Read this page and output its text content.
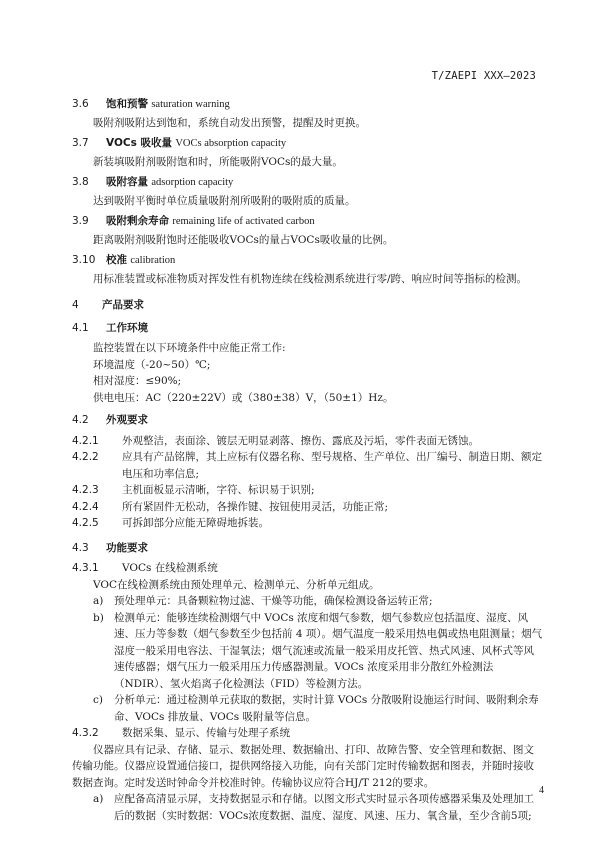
T/ZAEPI XXX—2023
3.6 饱和预警 saturation warning
吸附剂吸附达到饱和，系统自动发出预警，提醒及时更换。
3.7 VOCs 吸收量 VOCs absorption capacity
新装填吸附剂吸附饱和时，所能吸附VOCs的最大量。
3.8 吸附容量 adsorption capacity
达到吸附平衡时单位质量吸附剂所吸附的吸附质的质量。
3.9 吸附剩余寿命 remaining life of activated carbon
距离吸附剂吸附饱时还能吸收VOCs的量占VOCs吸收量的比例。
3.10 校准 calibration
用标准装置或标准物质对挥发性有机物连续在线检测系统进行零/跨、响应时间等指标的检测。
4 产品要求
4.1 工作环境
监控装置在以下环境条件中应能正常工作:
环境温度（-20~50）℃;
相对湿度：≤90%;
供电电压：AC（220±22V）或（380±38）V，（50±1）Hz。
4.2 外观要求
4.2.1 外观整洁，表面涂、镀层无明显剥落、擦伤、露底及污垢，零件表面无锈蚀。
4.2.2 应具有产品铭牌，其上应标有仪器名称、型号规格、生产单位、出厂编号、制造日期、额定电压和功率信息;
4.2.3 主机面板显示清晰，字符、标识易于识别;
4.2.4 所有紧固件无松动，各操作键、按钮使用灵活，功能正常;
4.2.5 可拆卸部分应能无障碍地拆装。
4.3 功能要求
4.3.1 VOCs 在线检测系统
VOC在线检测系统由预处理单元、检测单元、分析单元组成。
a) 预处理单元：具备颗粒物过滤、干燥等功能，确保检测设备运转正常;
b) 检测单元：能够连续检测烟气中 VOCs 浓度和烟气参数，烟气参数应包括温度、湿度、风速、压力等参数（烟气参数至少包括前 4 项）。烟气温度一般采用热电偶或热电阻测量；烟气湿度一般采用电容法、干湿氧法；烟气流速或流量一般采用皮托管、热式风速、风杯式等风速传感器；烟气压力一般采用压力传感器测量。VOCs 浓度采用非分散红外检测法（NDIR）、氢火焰离子化检测法（FID）等检测方法。
c) 分析单元：通过检测单元获取的数据，实时计算 VOCs 分散吸附设施运行时间、吸附剩余寿命、VOCs 排放量、VOCs 吸附量等信息。
4.3.2 数据采集、显示、传输与处理子系统
仪器应具有记录、存储、显示、数据处理、数据输出、打印、故障告警、安全管理和数据、图文传输功能。仪器应设置通信接口，提供网络接入功能，向有关部门定时传输数据和图表，并随时接收数据查询。定时发送时钟命令并校准时钟。传输协议应符合HJ/T 212的要求。
a) 应配备高清显示屏，支持数据显示和存储。以图文形式实时显示各项传感器采集及处理加工后的数据（实时数据：VOCs浓度数据、温度、湿度、风速、压力、氧含量，至少含前5项;
4
